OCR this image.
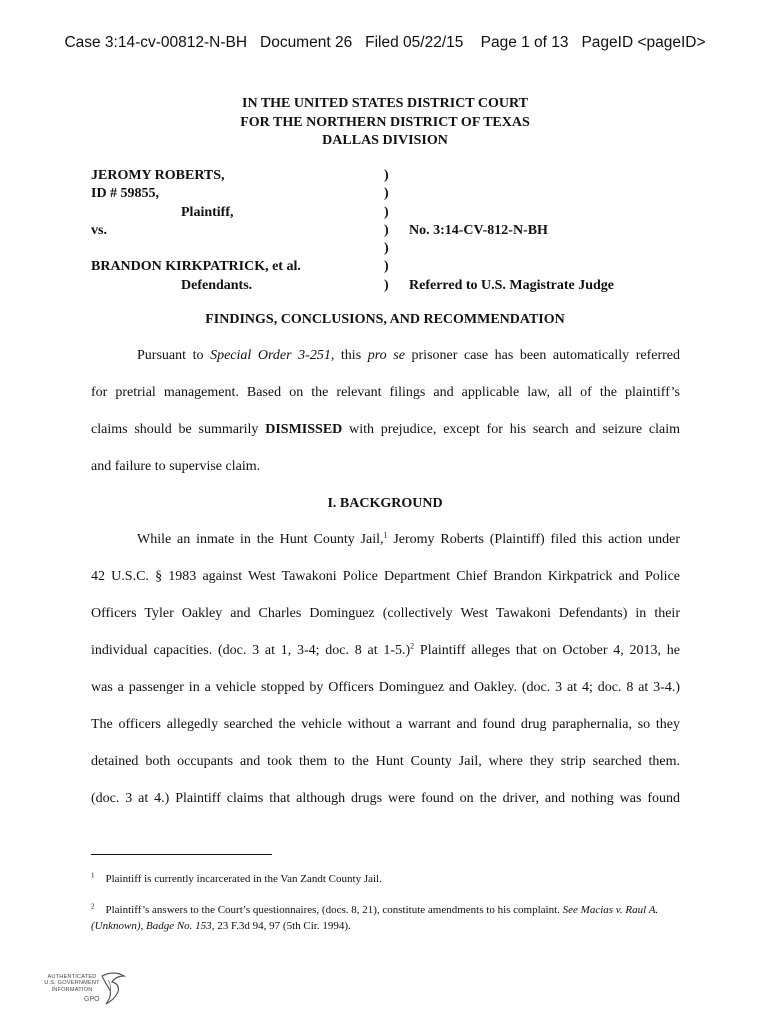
Case 3:14-cv-00812-N-BH Document 26 Filed 05/22/15 Page 1 of 13 PageID <pageID>
IN THE UNITED STATES DISTRICT COURT
FOR THE NORTHERN DISTRICT OF TEXAS
DALLAS DIVISION
JEROMY ROBERTS,	)
ID # 59855,	)
Plaintiff,	)
vs.	) No. 3:14-CV-812-N-BH
)
BRANDON KIRKPATRICK, et al.	)
Defendants.	) Referred to U.S. Magistrate Judge
FINDINGS, CONCLUSIONS, AND RECOMMENDATION
Pursuant to Special Order 3-251, this pro se prisoner case has been automatically referred
for pretrial management. Based on the relevant filings and applicable law, all of the plaintiff’s
claims should be summarily DISMISSED with prejudice, except for his search and seizure claim
and failure to supervise claim.
I. BACKGROUND
While an inmate in the Hunt County Jail,$^1$ Jeromy Roberts (Plaintiff) filed this action under
42 U.S.C. § 1983 against West Tawakoni Police Department Chief Brandon Kirkpatrick and Police
Officers Tyler Oakley and Charles Dominguez (collectively West Tawakoni Defendants) in their
individual capacities. (doc. 3 at 1, 3-4; doc. 8 at 1-5.)$^2$ Plaintiff alleges that on October 4, 2013, he
was a passenger in a vehicle stopped by Officers Dominguez and Oakley. (doc. 3 at 4; doc. 8 at 3-4.)
The officers allegedly searched the vehicle without a warrant and found drug paraphernalia, so they
detained both occupants and took them to the Hunt County Jail, where they strip searched them.
(doc. 3 at 4.) Plaintiff claims that although drugs were found on the driver, and nothing was found
$^1$ Plaintiff is currently incarcerated in the Van Zandt County Jail.
$^2$ Plaintiff’s answers to the Court’s questionnaires, (docs. 8, 21), constitute amendments to his complaint. See Macias v. Raul A. (Unknown), Badge No. 153, 23 F.3d 94, 97 (5th Cir. 1994).
AUTHENTICATED
U.S. GOVERNMENT
INFORMATION
GPO
